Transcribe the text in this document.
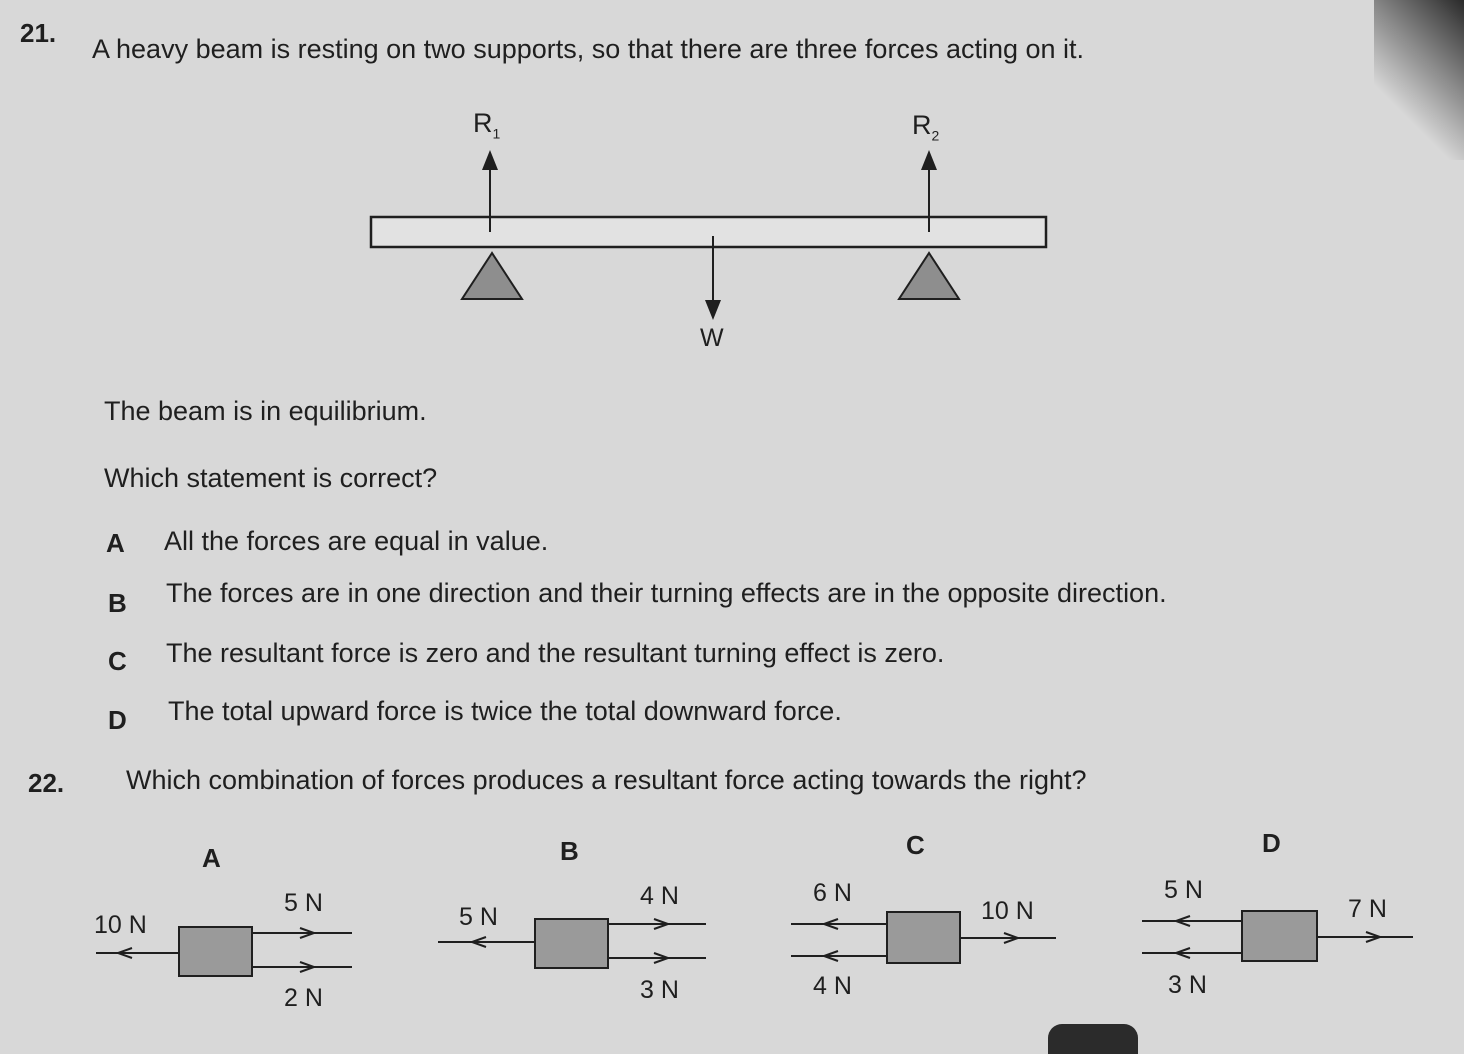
21.
A heavy beam is resting on two supports, so that there are three forces acting on it.
$R_1$	$R_2$
W
The beam is in equilibrium.
Which statement is correct?
A All the forces are equal in value.
B The forces are in one direction and their turning effects are in the opposite direction.
C The resultant force is zero and the resultant turning effect is zero.
D The total upward force is twice the total downward force.
22. Which combination of forces produces a resultant force acting towards the right?
A	B	C	D
10 N
5 N
2 N
5 N
4 N
3 N
6 N
4 N
10 N
5 N
3 N
7 N
